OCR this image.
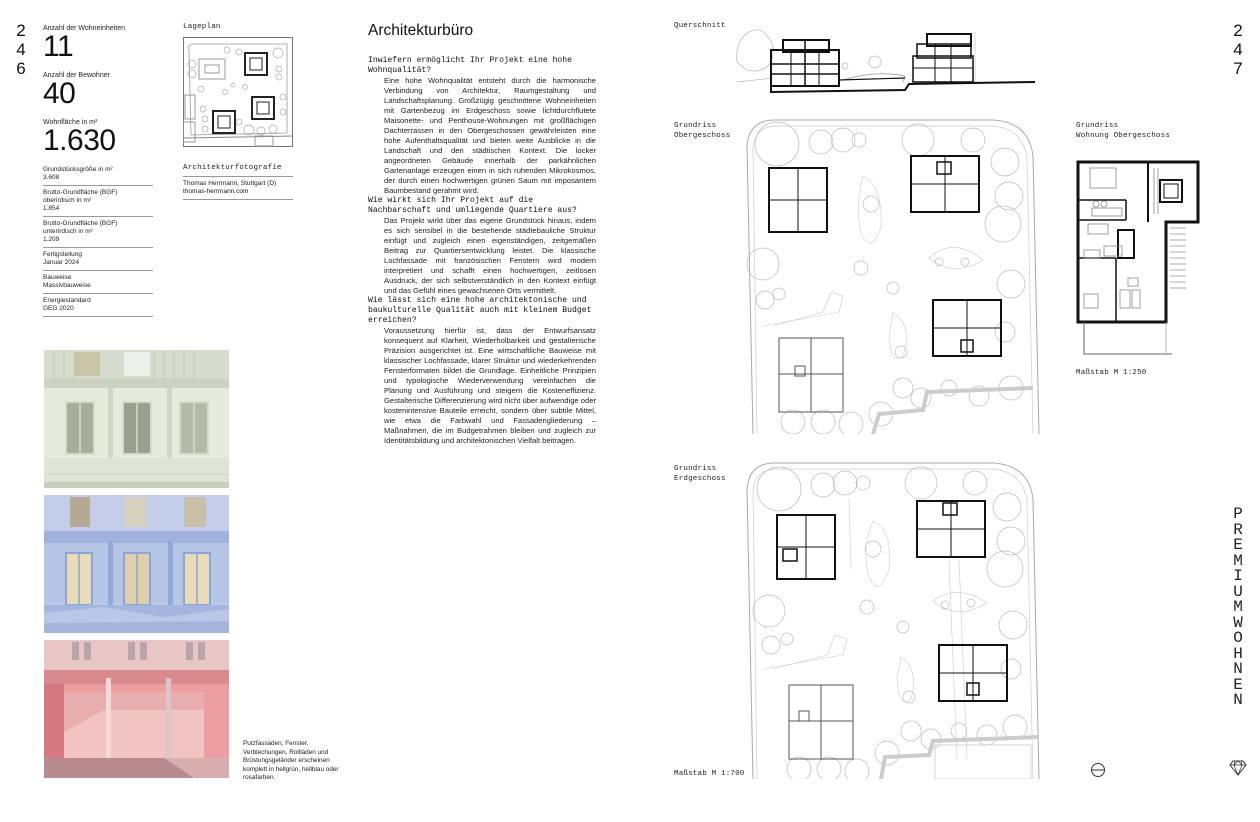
2
4
6
Anzahl der Wohneinheiten
11
Anzahl der Bewohner
40
Wohnfläche in m²
1.630
Grundstücksgröße in m²
3.608
Brutto-Grundfläche (BGF) oberirdisch in m²
1.854
Brutto-Grundfläche (BGF) unterirdisch in m²
1.209
Fertigstellung
Januar 2024
Bauweise
Massivbauweise
Energiestandard
GEG 2020
Lageplan
Architekturfotografie
Thomas Herrmann, Stuttgart (D)
thomas-herrmann.com
Putzfassaden, Fenster, Verblechungen, Rollläden und Brüstungsgeländer erscheinen komplett in hellgrün, hellblau oder rosafarben.
Architekturbüro
Inwiefern ermöglicht Ihr Projekt eine hohe Wohnqualität?
Eine hohe Wohnqualität entsteht durch die harmonische Verbindung von Architektur, Raumgestaltung und Landschaftsplanung. Großzügig geschnittene Wohneinheiten mit Gartenbezug im Erdgeschoss sowie lichtdurchflutete Maisonette- und Penthouse-Wohnungen mit großflächigen Dachterrassen in den Obergeschossen gewährleisten eine hohe Aufenthaltsqualität und bieten weite Ausblicke in die Landschaft und den städtischen Kontext. Die locker angeordneten Gebäude innerhalb der parkähnlichen Gartenanlage erzeugen einen in sich ruhenden Mikrokosmos, der durch einen hochwertigen grünen Saum mit imposantem Baumbestand gerahmt wird.
Wie wirkt sich Ihr Projekt auf die Nachbarschaft und umliegende Quartiere aus?
Das Projekt wirkt über das eigene Grundstück hinaus, indem es sich sensibel in die bestehende städtebauliche Struktur einfügt und zugleich einen eigenständigen, zeitgemäßen Beitrag zur Quartiersentwicklung leistet. Die klassische Lochfassade mit französischen Fenstern wird modern interpretiert und schafft einen hochwertigen, zeitlosen Ausdruck, der sich selbstverständlich in den Kontext einfügt und das Gefühl eines gewachsenen Orts vermittelt.
Wie lässt sich eine hohe architektonische und baukulturelle Qualität auch mit kleinem Budget erreichen?
Voraussetzung hierfür ist, dass der Entwurfsansatz konsequent auf Klarheit, Wiederholbarkeit und gestalterische Präzision ausgerichtet ist. Eine wirtschaftliche Bauweise mit klassischer Lochfassade, klarer Struktur und wiederkehrenden Fensterformaten bildet die Grundlage. Einheitliche Prinzipien und typologische Wiederverwendung vereinfachen die Planung und Ausführung und steigern die Kosteneffizienz. Gestalterische Differenzierung wird nicht über aufwendige oder kostenintensive Bauteile erreicht, sondern über subtile Mittel, wie etwa die Farbwahl und Fassadengliederung – Maßnahmen, die im Budgetrahmen bleiben und zugleich zur Identitätsbildung und architektonischen Vielfalt beitragen.
Querschnitt
Grundriss
Obergeschoss
Grundriss
Erdgeschoss
Maßstab M 1:700
Grundriss
Wohnung Obergeschoss
Maßstab M 1:250
2
4
7
P
R
E
M
I
U
M
W
O
H
N
E
N
